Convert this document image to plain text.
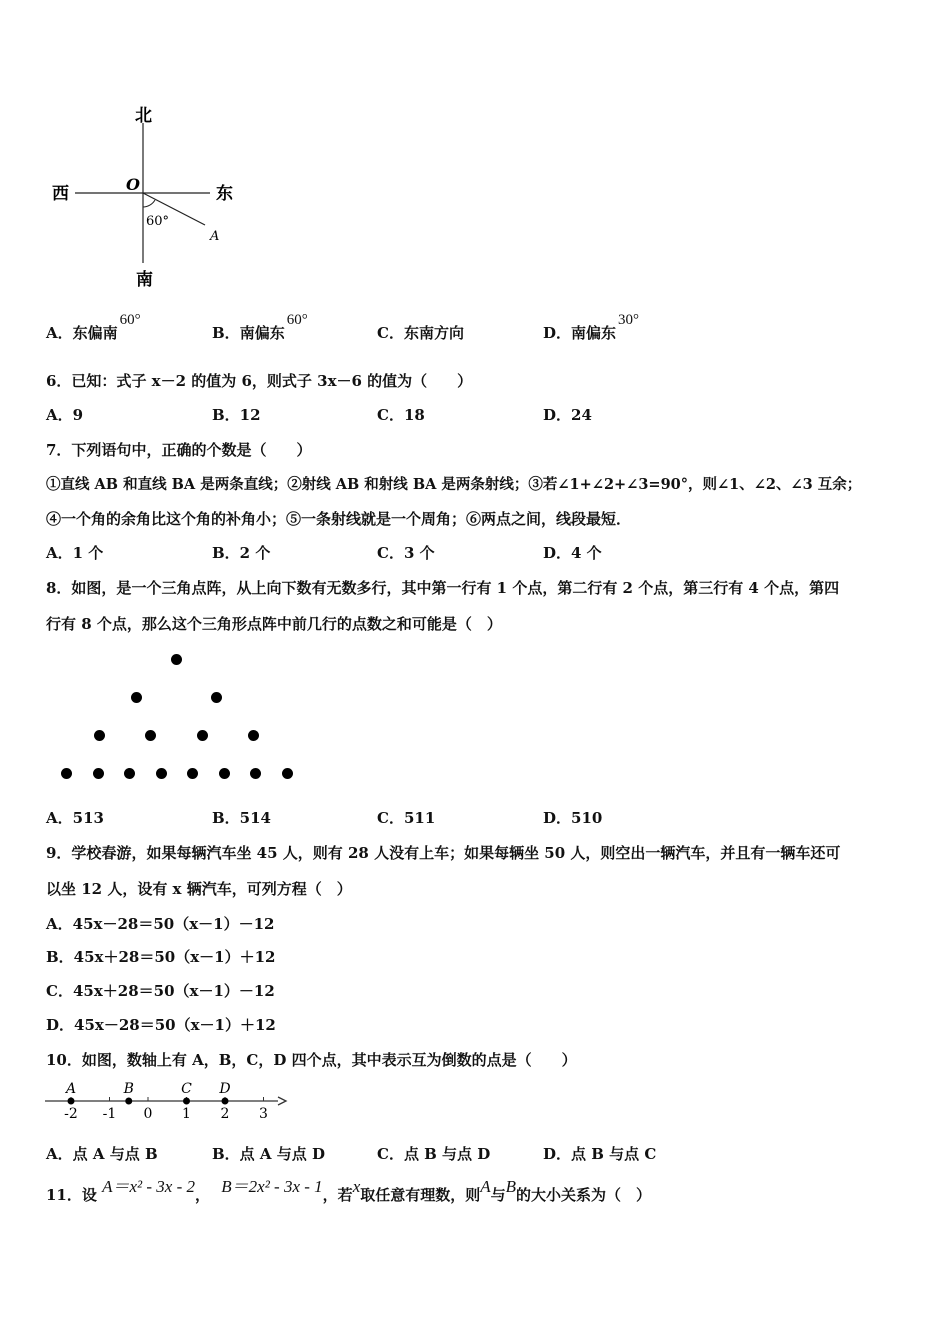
北
南
西	东
O
60°
A
A．东偏南60°
B．南偏东60°
C．东南方向	D．南偏东30°
6．已知：式子 x－2 的值为 6，则式子 3x－6 的值为（　　）
A．9	B．12	C．18	D．24
7．下列语句中，正确的个数是（　　）
①直线 AB 和直线 BA 是两条直线；②射线 AB 和射线 BA 是两条射线；③若∠1+∠2+∠3=90°，则∠1、∠2、∠3 互余；
④一个角的余角比这个角的补角小；⑤一条射线就是一个周角；⑥两点之间，线段最短．
A．1 个	B．2 个	C．3 个	D．4 个
8．如图，是一个三角点阵，从上向下数有无数多行，其中第一行有 1 个点，第二行有 2 个点，第三行有 4 个点，第四
行有 8 个点，那么这个三角形点阵中前几行的点数之和可能是（　）
A．513	B．514	C．511	D．510
9．学校春游，如果每辆汽车坐 45 人，则有 28 人没有上车；如果每辆坐 50 人，则空出一辆汽车，并且有一辆车还可
以坐 12 人，设有 x 辆汽车，可列方程（　）
A．45x－28＝50（x－1）－12
B．45x＋28＝50（x－1）＋12
C．45x＋28＝50（x－1）－12
D．45x－28＝50（x－1）＋12
10．如图，数轴上有 A，B，C，D 四个点，其中表示互为倒数的点是（　　）
-2 -1 0 1 2 3
A	B	C D
A．点 A 与点 B	B．点 A 与点 D	C．点 B 与点 D	D．点 B 与点 C
11．设 A＝x² - 3x - 2， B＝2x² - 3x - 1，若x取任意有理数，则A与B的大小关系为（　）
